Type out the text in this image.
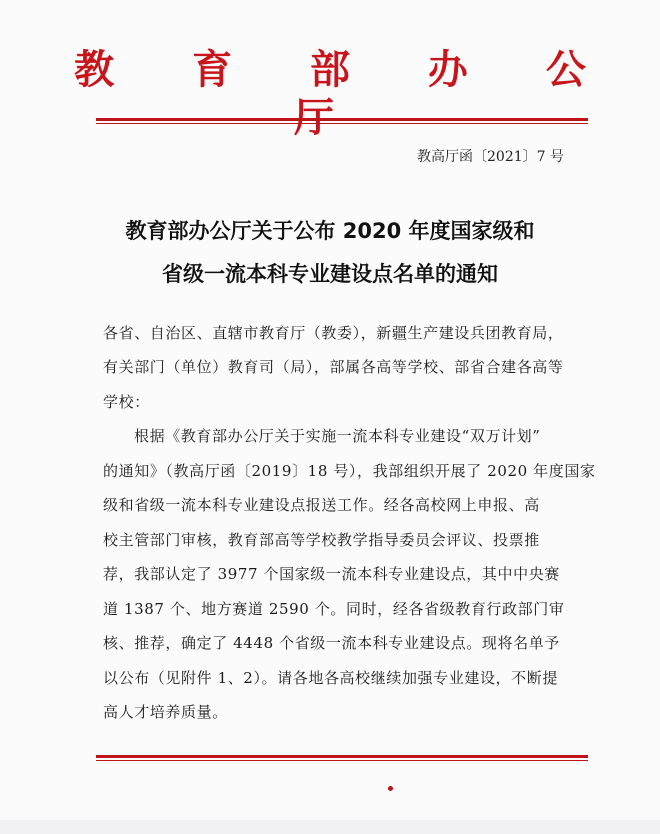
教 育 部 办 公
教高厅函〔2021〕7 号
教育部办公厅关于公布 2020 年度国家级和
省级一流本科专业建设点名单的通知
各省、自治区、直辖市教育厅（教委），新疆生产建设兵团教育局，
有关部门（单位）教育司（局），部属各高等学校、部省合建各高等
学校：
根据《教育部办公厅关于实施一流本科专业建设“双万计划”
的通知》（教高厅函〔2019〕18 号），我部组织开展了 2020 年度国家
级和省级一流本科专业建设点报送工作。经各高校网上申报、高
校主管部门审核，教育部高等学校教学指导委员会评议、投票推
荐，我部认定了 3977 个国家级一流本科专业建设点，其中中央赛
道 1387 个、地方赛道 2590 个。同时，经各省级教育行政部门审
核、推荐，确定了 4448 个省级一流本科专业建设点。现将名单予
以公布（见附件 1、2）。请各地各高校继续加强专业建设，不断提
高人才培养质量。
